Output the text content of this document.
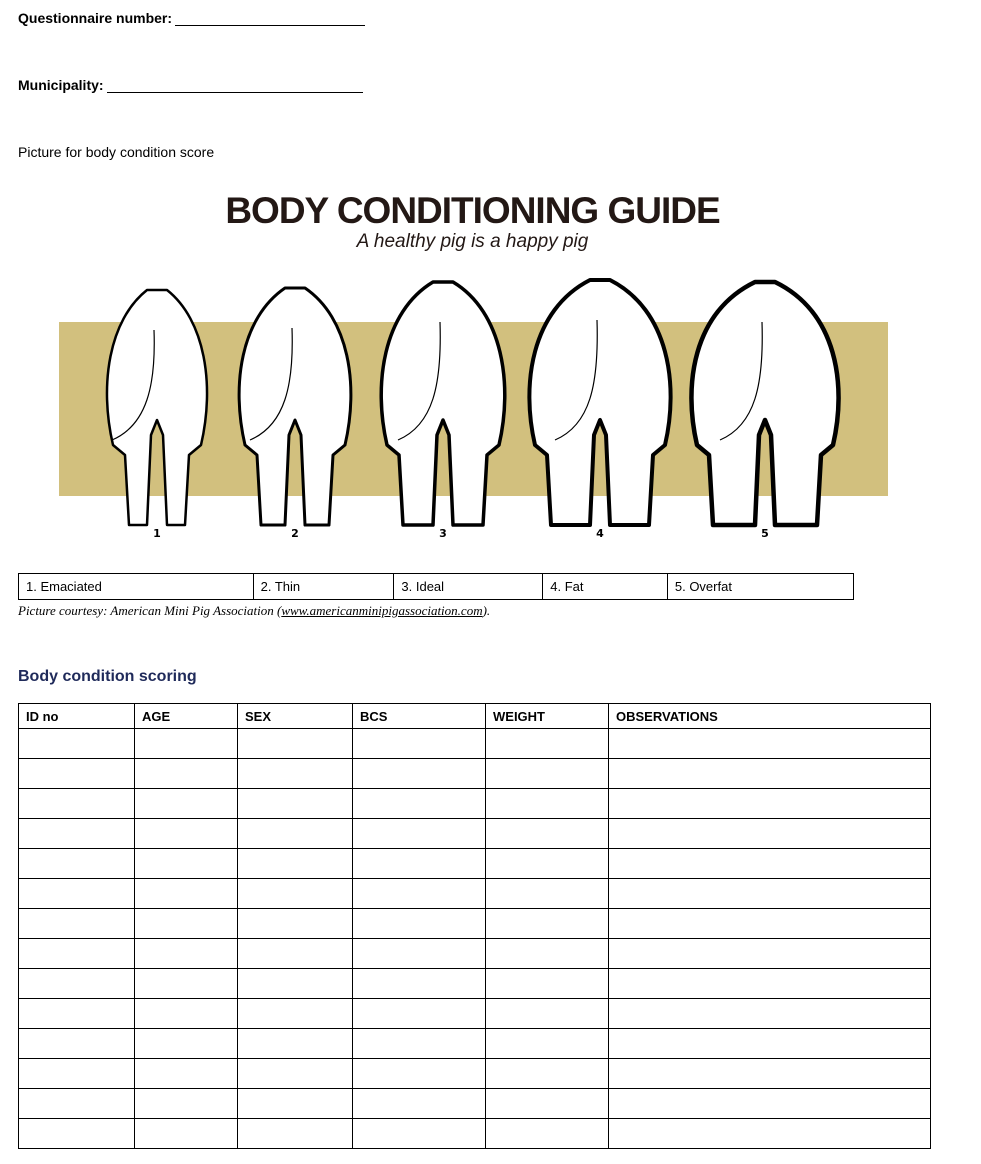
Questionnaire number:
Municipality:
Picture for body condition score
BODY CONDITIONING GUIDE
A healthy pig is a happy pig
1	2	3	4	5
1. Emaciated	2. Thin	3. Ideal	4. Fat	5. Overfat
Picture courtesy: American Mini Pig Association (www.americanminipigassociation.com).
Body condition scoring
ID no	AGE	SEX	BCS	WEIGHT	OBSERVATIONS
